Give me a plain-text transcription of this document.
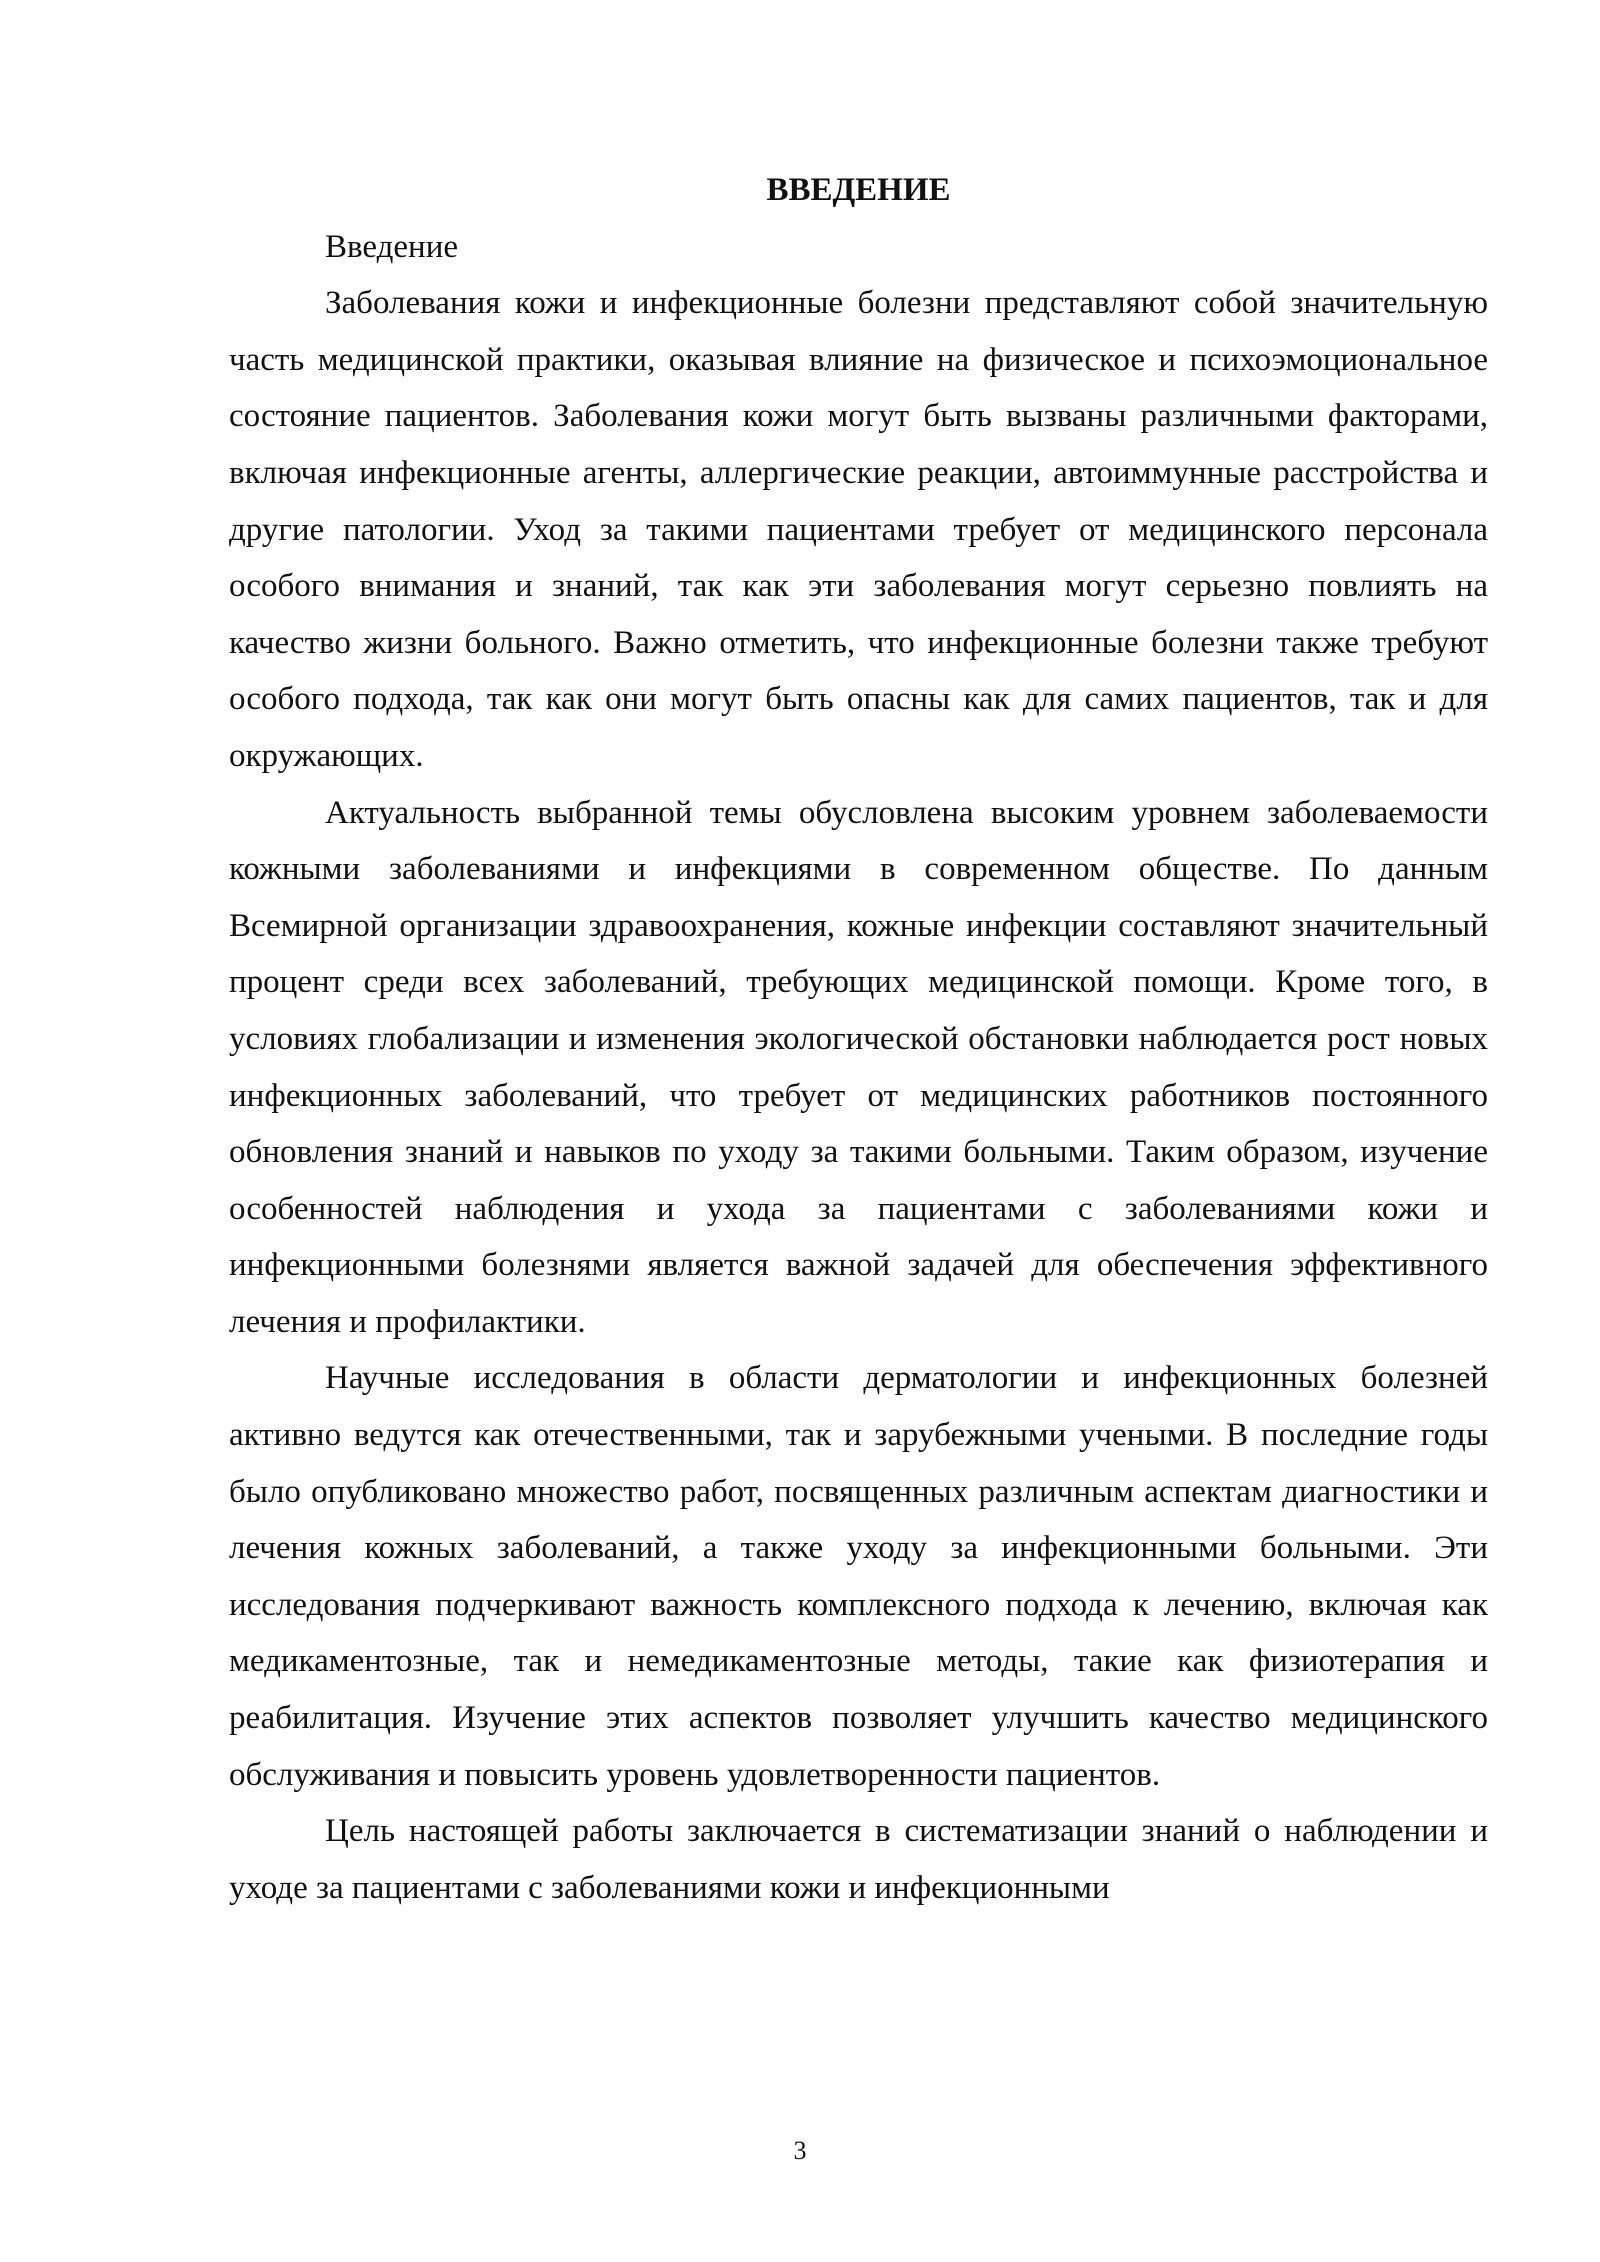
ВВЕДЕНИЕ

Введение

Заболевания кожи и инфекционные болезни представляют собой значительную часть медицинской практики, оказывая влияние на физическое и психоэмоциональное состояние пациентов. Заболевания кожи могут быть вызваны различными факторами, включая инфекционные агенты, аллергические реакции, автоиммунные расстройства и другие патологии. Уход за такими пациентами требует от медицинского персонала особого внимания и знаний, так как эти заболевания могут серьезно повлиять на качество жизни больного. Важно отметить, что инфекционные болезни также требуют особого подхода, так как они могут быть опасны как для самих пациентов, так и для окружающих.

Актуальность выбранной темы обусловлена высоким уровнем заболеваемости кожными заболеваниями и инфекциями в современном обществе. По данным Всемирной организации здравоохранения, кожные инфекции составляют значительный процент среди всех заболеваний, требующих медицинской помощи. Кроме того, в условиях глобализации и изменения экологической обстановки наблюдается рост новых инфекционных заболеваний, что требует от медицинских работников постоянного обновления знаний и навыков по уходу за такими больными. Таким образом, изучение особенностей наблюдения и ухода за пациентами с заболеваниями кожи и инфекционными болезнями является важной задачей для обеспечения эффективного лечения и профилактики.

Научные исследования в области дерматологии и инфекционных болезней активно ведутся как отечественными, так и зарубежными учеными. В последние годы было опубликовано множество работ, посвященных различным аспектам диагностики и лечения кожных заболеваний, а также уходу за инфекционными больными. Эти исследования подчеркивают важность комплексного подхода к лечению, включая как медикаментозные, так и немедикаментозные методы, такие как физиотерапия и реабилитация. Изучение этих аспектов позволяет улучшить качество медицинского обслуживания и повысить уровень удовлетворенности пациентов.

Цель настоящей работы заключается в систематизации знаний о наблюдении и уходе за пациентами с заболеваниями кожи и инфекционными

3
